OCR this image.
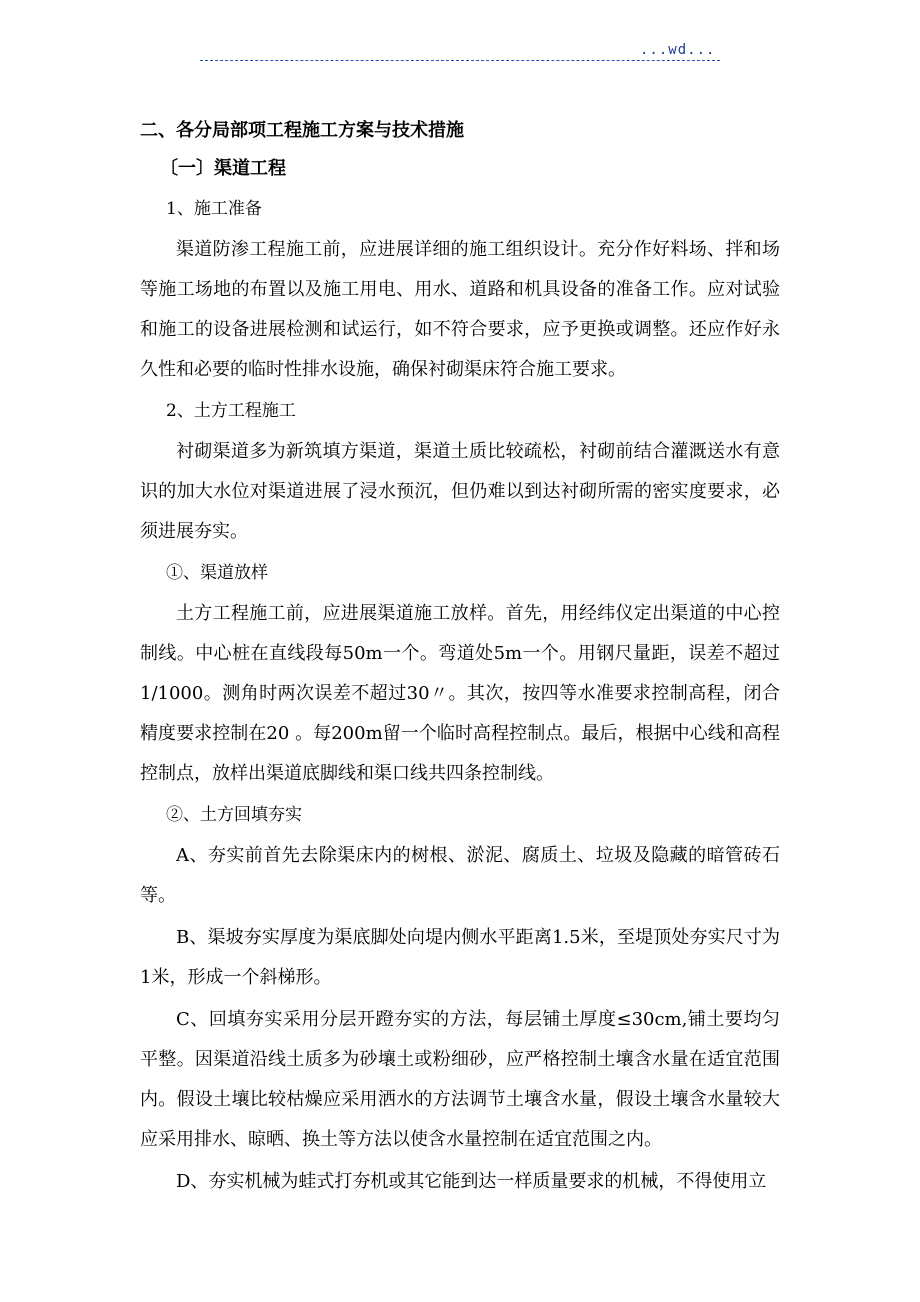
...wd...

二、各分局部项工程施工方案与技术措施

〔一〕渠道工程

1、施工准备

渠道防渗工程施工前，应进展详细的施工组织设计。充分作好料场、拌和场等施工场地的布置以及施工用电、用水、道路和机具设备的准备工作。应对试验和施工的设备进展检测和试运行，如不符合要求，应予更换或调整。还应作好永久性和必要的临时性排水设施，确保衬砌渠床符合施工要求。

2、土方工程施工

衬砌渠道多为新筑填方渠道，渠道土质比较疏松，衬砌前结合灌溉送水有意识的加大水位对渠道进展了浸水预沉，但仍难以到达衬砌所需的密实度要求，必须进展夯实。

①、渠道放样

土方工程施工前，应进展渠道施工放样。首先，用经纬仪定出渠道的中心控制线。中心桩在直线段每50m一个。弯道处5m一个。用钢尺量距，误差不超过1/1000。测角时两次误差不超过30〃。其次，按四等水准要求控制高程，闭合精度要求控制在20 。每200m留一个临时高程控制点。最后，根据中心线和高程控制点，放样出渠道底脚线和渠口线共四条控制线。

②、土方回填夯实

A、夯实前首先去除渠床内的树根、淤泥、腐质土、垃圾及隐藏的暗管砖石等。

B、渠坡夯实厚度为渠底脚处向堤内侧水平距离1.5米，至堤顶处夯实尺寸为1米，形成一个斜梯形。

C、回填夯实采用分层开蹬夯实的方法，每层铺土厚度≤30cm,铺土要均匀平整。因渠道沿线土质多为砂壤土或粉细砂，应严格控制土壤含水量在适宜范围内。假设土壤比较枯燥应采用洒水的方法调节土壤含水量，假设土壤含水量较大应采用排水、晾晒、换土等方法以使含水量控制在适宜范围之内。

D、夯实机械为蛙式打夯机或其它能到达一样质量要求的机械，不得使用立
